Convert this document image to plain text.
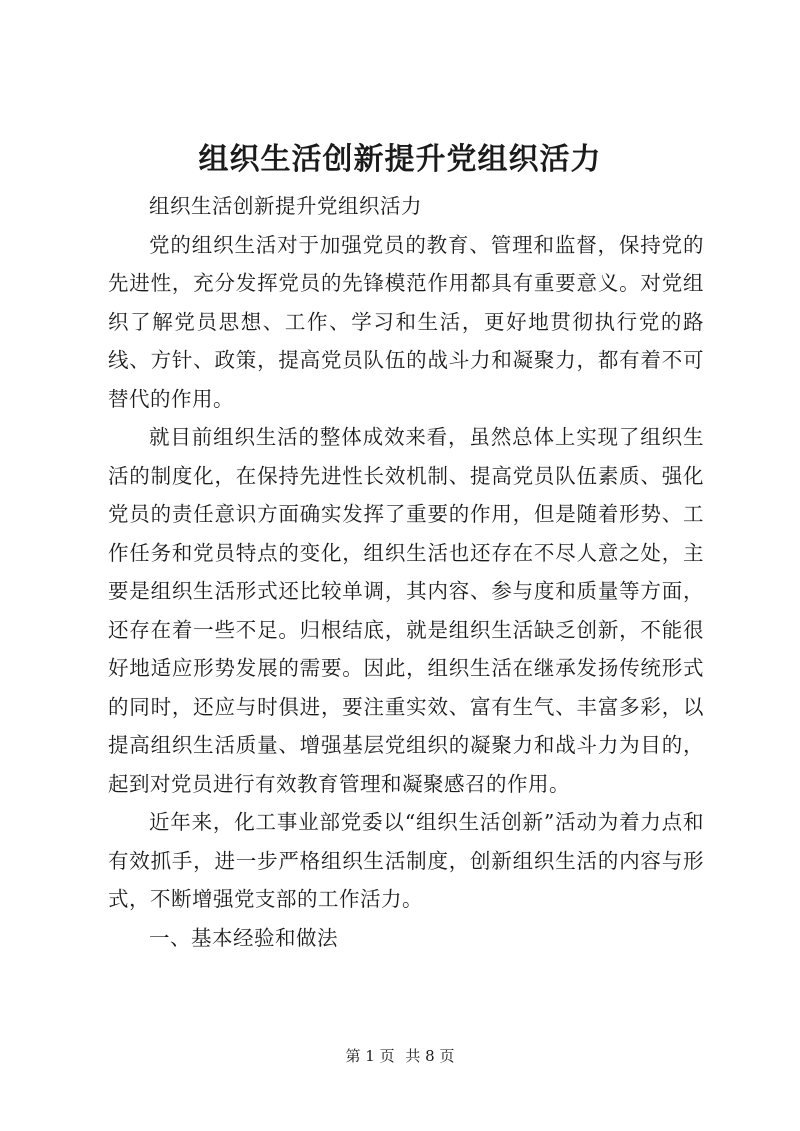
组织生活创新提升党组织活力

组织生活创新提升党组织活力

党的组织生活对于加强党员的教育、管理和监督，保持党的先进性，充分发挥党员的先锋模范作用都具有重要意义。对党组织了解党员思想、工作、学习和生活，更好地贯彻执行党的路线、方针、政策，提高党员队伍的战斗力和凝聚力，都有着不可替代的作用。

就目前组织生活的整体成效来看，虽然总体上实现了组织生活的制度化，在保持先进性长效机制、提高党员队伍素质、强化党员的责任意识方面确实发挥了重要的作用，但是随着形势、工作任务和党员特点的变化，组织生活也还存在不尽人意之处，主要是组织生活形式还比较单调，其内容、参与度和质量等方面，还存在着一些不足。归根结底，就是组织生活缺乏创新，不能很好地适应形势发展的需要。因此，组织生活在继承发扬传统形式的同时，还应与时俱进，要注重实效、富有生气、丰富多彩，以提高组织生活质量、增强基层党组织的凝聚力和战斗力为目的，起到对党员进行有效教育管理和凝聚感召的作用。

近年来，化工事业部党委以“组织生活创新”活动为着力点和有效抓手，进一步严格组织生活制度，创新组织生活的内容与形式，不断增强党支部的工作活力。

一、基本经验和做法

第 1 页 共 8 页
